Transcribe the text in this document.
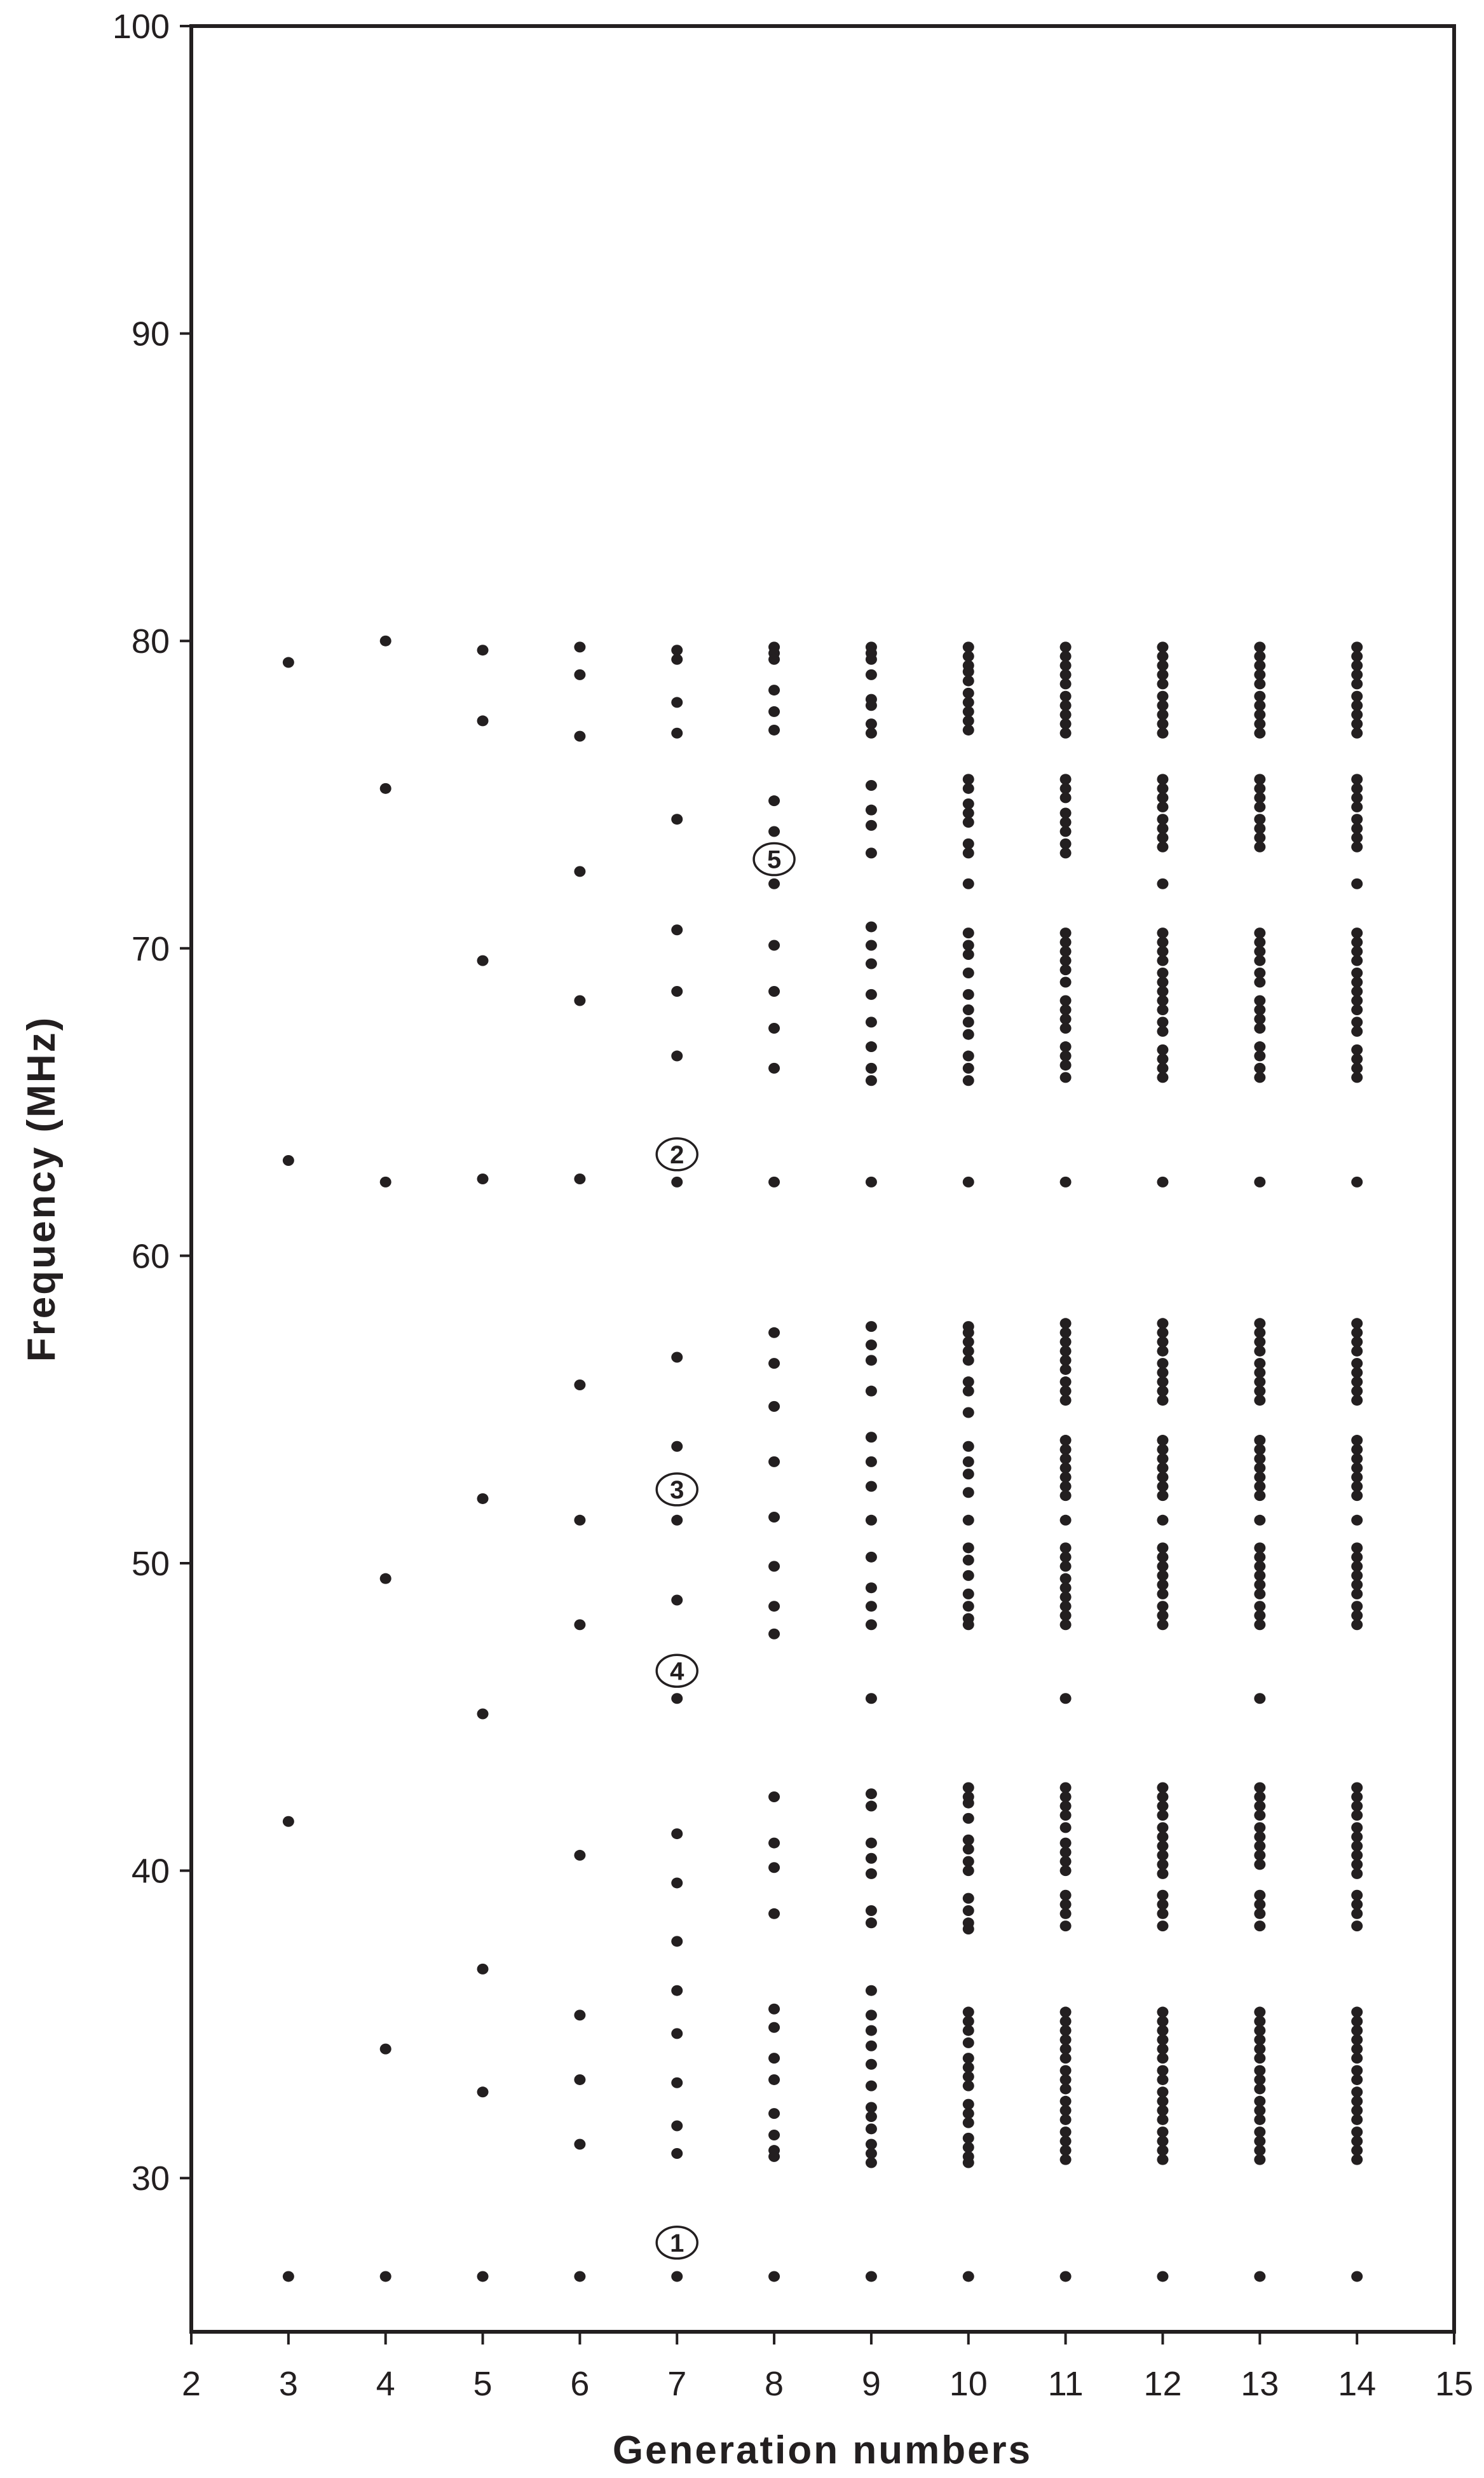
30
40
50
60
70
80
90
100
2 3 4 5 6 7 8 9 10 11 12 13 14 15
1
2
3
4
5
Generation numbers
Frequency (MHz)
